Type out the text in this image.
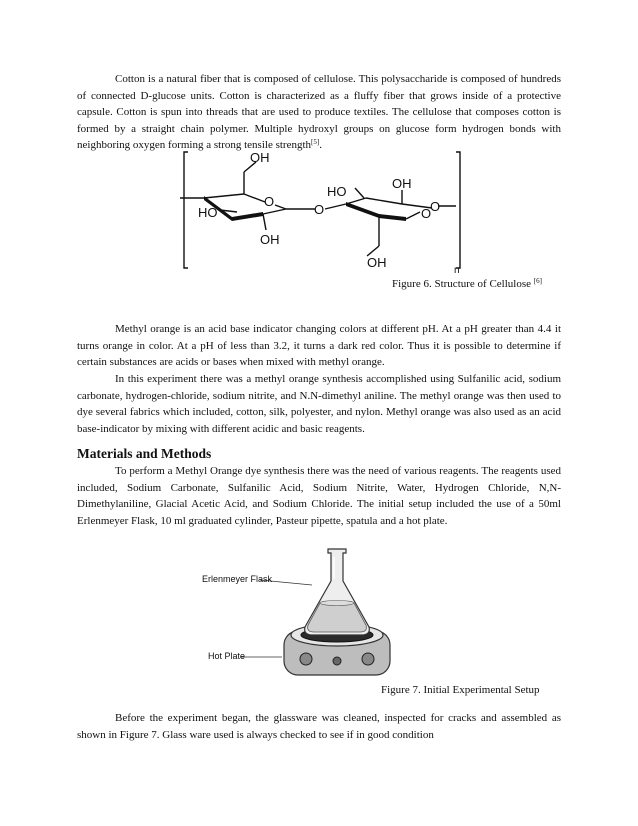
Cotton is a natural fiber that is composed of cellulose. This polysaccharide is composed of hundreds of connected D-glucose units. Cotton is characterized as a fluffy fiber that grows inside of a protective capsule. Cotton is spun into threads that are used to produce textiles. The cellulose that composes cotton is formed by a straight chain polymer. Multiple hydroxyl groups on glucose form hydrogen bonds with neighboring oxygen forming a strong tensile strength[5].

OH
HO
OH
O
O
HO
OH
O
O
OH
n
Figure 6. Structure of Cellulose [6]

Methyl orange is an acid base indicator changing colors at different pH. At a pH greater than 4.4 it turns orange in color. At a pH of less than 3.2, it turns a dark red color. Thus it is possible to determine if certain substances are acids or bases when mixed with methyl orange.

In this experiment there was a methyl orange synthesis accomplished using Sulfanilic acid, sodium carbonate, hydrogen-chloride, sodium nitrite, and N.N-dimethyl aniline. The methyl orange was then used to dye several fabrics which included, cotton, silk, polyester, and nylon. Methyl orange was also used as an acid base-indicator by mixing with different acidic and basic reagents.

Materials and Methods

To perform a Methyl Orange dye synthesis there was the need of various reagents. The reagents used included, Sodium Carbonate, Sulfanilic Acid, Sodium Nitrite, Water, Hydrogen Chloride, N,N-Dimethylaniline, Glacial Acetic Acid, and Sodium Chloride. The initial setup included the use of a 50ml Erlenmeyer Flask, 10 ml graduated cylinder, Pasteur pipette, spatula and a hot plate.

Erlenmeyer Flask
Hot Plate
Figure 7. Initial Experimental Setup

Before the experiment began, the glassware was cleaned, inspected for cracks and assembled as shown in Figure 7. Glass ware used is always checked to see if in good condition
